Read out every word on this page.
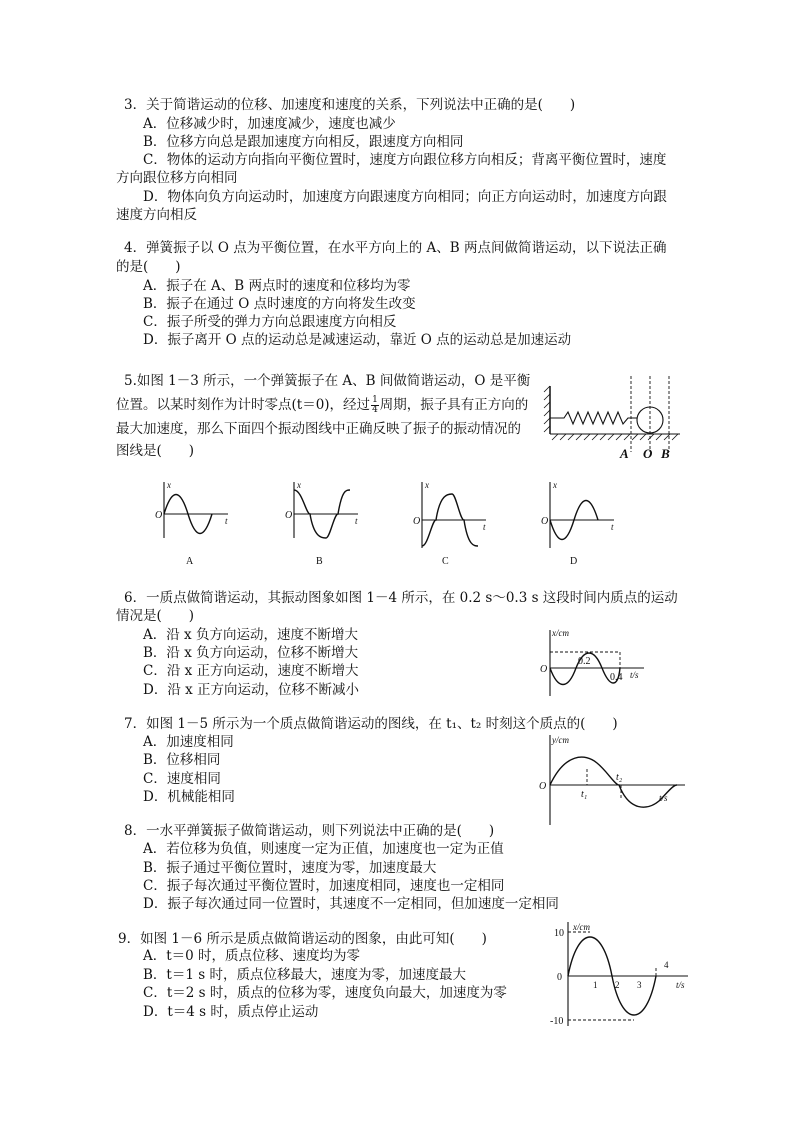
3．关于简谐运动的位移、加速度和速度的关系，下列说法中正确的是(　　)
A．位移减少时，加速度减少，速度也减少
B．位移方向总是跟加速度方向相反，跟速度方向相同
C．物体的运动方向指向平衡位置时，速度方向跟位移方向相反；背离平衡位置时，速度
方向跟位移方向相同
D．物体向负方向运动时，加速度方向跟速度方向相同；向正方向运动时，加速度方向跟
速度方向相反
4．弹簧振子以 O 点为平衡位置，在水平方向上的 A、B 两点间做简谐运动，以下说法正确
的是(　　)
A．振子在 A、B 两点时的速度和位移均为零
B．振子在通过 O 点时速度的方向将发生改变
C．振子所受的弹力方向总跟速度方向相反
D．振子离开 O 点的运动总是减速运动，靠近 O 点的运动总是加速运动
5.如图 1－3 所示，一个弹簧振子在 A、B 间做简谐运动，O 是平衡
位置。以某时刻作为计时零点(t＝0)，经过 $\frac{1}{4}$ 周期，振子具有正方向的
最大加速度，那么下面四个振动图线中正确反映了振子的振动情况的
图线是(　　)	A O B
x
t
O
A
x
t
O
B
x
t
O
C
x
t
O
D
6．一质点做简谐运动，其振动图象如图 1－4 所示，在 0.2 s～0.3 s 这段时间内质点的运动
情况是(　　)
A．沿 x 负方向运动，速度不断增大
B．沿 x 负方向运动，位移不断增大
C．沿 x 正方向运动，速度不断增大
D．沿 x 正方向运动，位移不断减小
x/cm
t/s
O
0.2
0.4
7．如图 1－5 所示为一个质点做简谐运动的图线，在 t₁、t₂ 时刻这个质点的(　　)
A．加速度相同
B．位移相同
C．速度相同
D．机械能相同
y/cm
t/s
O
t₁
t₂
8．一水平弹簧振子做简谐运动，则下列说法中正确的是(　　)
A．若位移为负值，则速度一定为正值，加速度也一定为正值
B．振子通过平衡位置时，速度为零，加速度最大
C．振子每次通过平衡位置时，加速度相同，速度也一定相同
D．振子每次通过同一位置时，其速度不一定相同，但加速度一定相同
9．如图 1－6 所示是质点做简谐运动的图象，由此可知(　　)
A．t＝0 时，质点位移、速度均为零
B．t＝1 s 时，质点位移最大，速度为零，加速度最大
C．t＝2 s 时，质点的位移为零，速度负向最大，加速度为零
D．t＝4 s 时，质点停止运动
x/cm
t/s
0
10
-10
1 2 3
4
